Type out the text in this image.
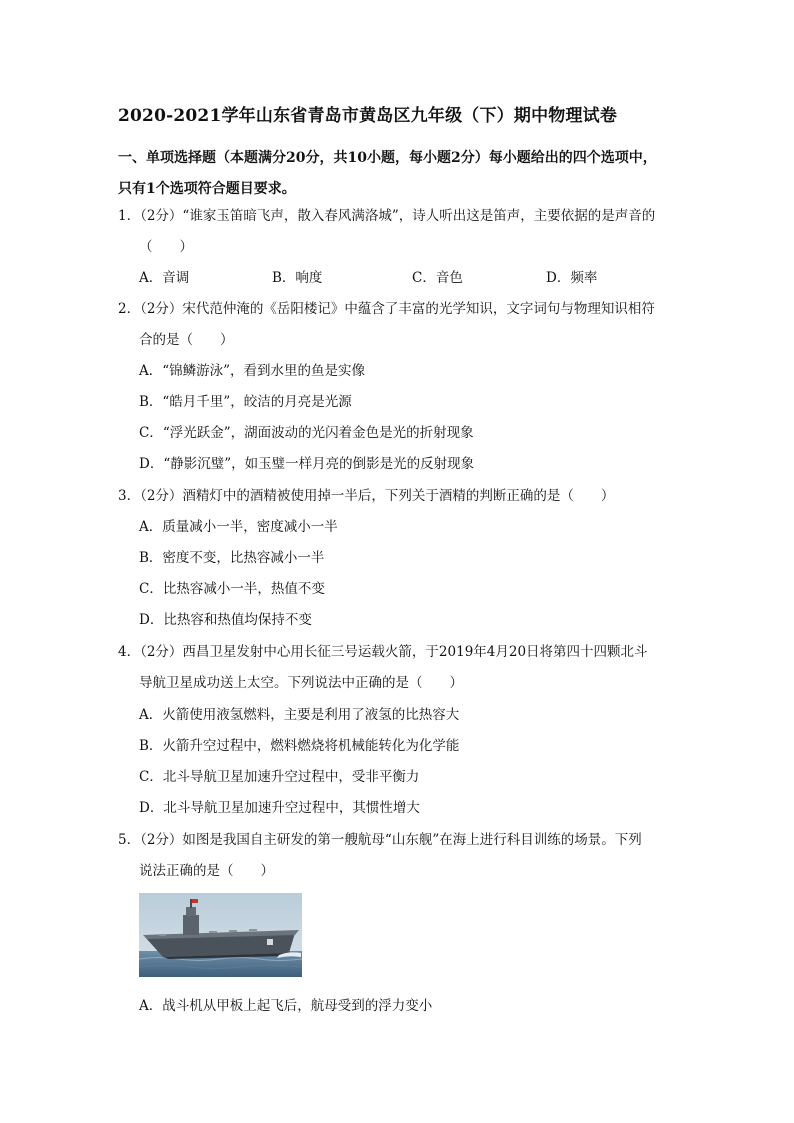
2020-2021学年山东省青岛市黄岛区九年级（下）期中物理试卷
一、单项选择题（本题满分20分，共10小题，每小题2分）每小题给出的四个选项中，
只有1个选项符合题目要求。
1．（2分）“谁家玉笛暗飞声，散入春风满洛城”，诗人听出这是笛声，主要依据的是声音的
（　　）
A．音调	B．响度	C．音色	D．频率
2．（2分）宋代范仲淹的《岳阳楼记》中蕴含了丰富的光学知识，文字词句与物理知识相符
合的是（　　）
A．“锦鳞游泳”，看到水里的鱼是实像
B．“皓月千里”，皎洁的月亮是光源
C．“浮光跃金”，湖面波动的光闪着金色是光的折射现象
D．“静影沉璧”，如玉璧一样月亮的倒影是光的反射现象
3．（2分）酒精灯中的酒精被使用掉一半后，下列关于酒精的判断正确的是（　　）
A．质量减小一半，密度减小一半
B．密度不变，比热容减小一半
C．比热容减小一半，热值不变
D．比热容和热值均保持不变
4．（2分）西昌卫星发射中心用长征三号运载火箭，于2019年4月20日将第四十四颗北斗
导航卫星成功送上太空。下列说法中正确的是（　　）
A．火箭使用液氢燃料，主要是利用了液氢的比热容大
B．火箭升空过程中，燃料燃烧将机械能转化为化学能
C．北斗导航卫星加速升空过程中，受非平衡力
D．北斗导航卫星加速升空过程中，其惯性增大
5．（2分）如图是我国自主研发的第一艘航母“山东舰”在海上进行科目训练的场景。下列
说法正确的是（　　）
A．战斗机从甲板上起飞后，航母受到的浮力变小
